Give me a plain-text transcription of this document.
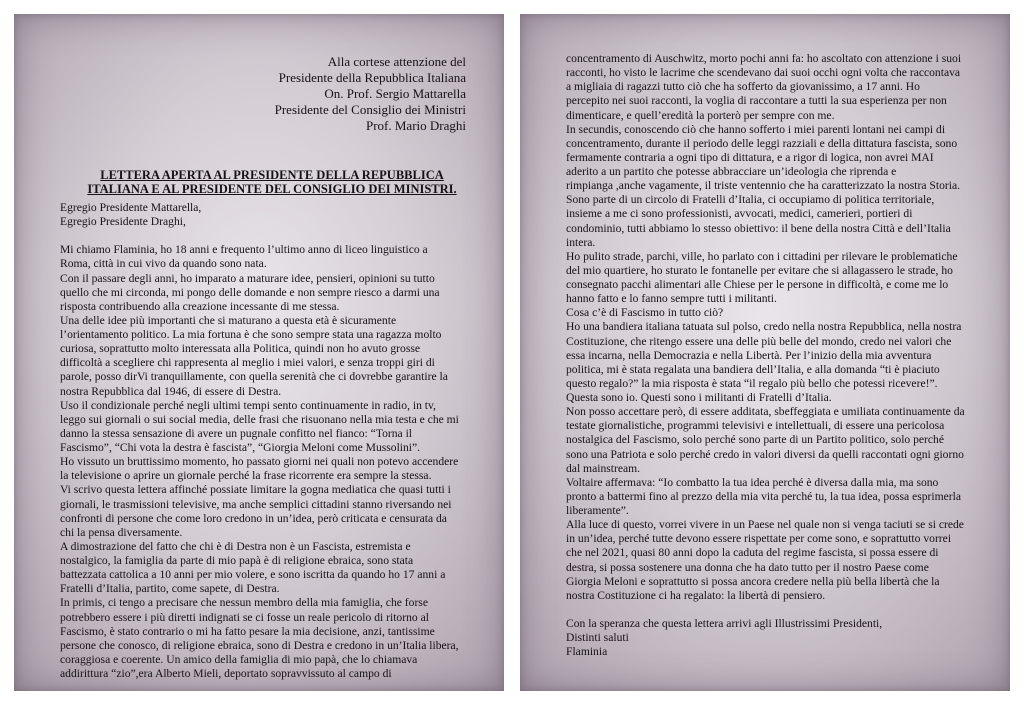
Alla cortese attenzione del
Presidente della Repubblica Italiana
On. Prof. Sergio Mattarella
Presidente del Consiglio dei Ministri
Prof. Mario Draghi
LETTERA APERTA AL PRESIDENTE DELLA REPUBBLICA
ITALIANA E AL PRESIDENTE DEL CONSIGLIO DEI MINISTRI.
Egregio Presidente Mattarella,
Egregio Presidente Draghi,
Mi chiamo Flaminia, ho 18 anni e frequento l’ultimo anno di liceo linguistico a
Roma, città in cui vivo da quando sono nata.
Con il passare degli anni, ho imparato a maturare idee, pensieri, opinioni su tutto
quello che mi circonda, mi pongo delle domande e non sempre riesco a darmi una
risposta contribuendo alla creazione incessante di me stessa.
Una delle idee più importanti che si maturano a questa età è sicuramente
l’orientamento politico. La mia fortuna è che sono sempre stata una ragazza molto
curiosa, soprattutto molto interessata alla Politica, quindi non ho avuto grosse
difficoltà a scegliere chi rappresenta al meglio i miei valori, e senza troppi giri di
parole, posso dirVi tranquillamente, con quella serenità che ci dovrebbe garantire la
nostra Repubblica dal 1946, di essere di Destra.
Uso il condizionale perché negli ultimi tempi sento continuamente in radio, in tv,
leggo sui giornali o sui social media, delle frasi che risuonano nella mia testa e che mi
danno la stessa sensazione di avere un pugnale confitto nel fianco: “Torna il
Fascismo”, “Chi vota la destra è fascista”, “Giorgia Meloni come Mussolini”.
Ho vissuto un bruttissimo momento, ho passato giorni nei quali non potevo accendere
la televisione o aprire un giornale perché la frase ricorrente era sempre la stessa.
Vi scrivo questa lettera affinché possiate limitare la gogna mediatica che quasi tutti i
giornali, le trasmissioni televisive, ma anche semplici cittadini stanno riversando nei
confronti di persone che come loro credono in un’idea, però criticata e censurata da
chi la pensa diversamente.
A dimostrazione del fatto che chi è di Destra non è un Fascista, estremista e
nostalgico, la famiglia da parte di mio papà è di religione ebraica, sono stata
battezzata cattolica a 10 anni per mio volere, e sono iscritta da quando ho 17 anni a
Fratelli d’Italia, partito, come sapete, di Destra.
In primis, ci tengo a precisare che nessun membro della mia famiglia, che forse
potrebbero essere i più diretti indignati se ci fosse un reale pericolo di ritorno al
Fascismo, è stato contrario o mi ha fatto pesare la mia decisione, anzi, tantissime
persone che conosco, di religione ebraica, sono di Destra e credono in un’Italia libera,
coraggiosa e coerente. Un amico della famiglia di mio papà, che lo chiamava
addirittura “zio”,era Alberto Mieli, deportato sopravvissuto al campo di
concentramento di Auschwitz, morto pochi anni fa: ho ascoltato con attenzione i suoi
racconti, ho visto le lacrime che scendevano dai suoi occhi ogni volta che raccontava
a migliaia di ragazzi tutto ciò che ha sofferto da giovanissimo, a 17 anni. Ho
percepito nei suoi racconti, la voglia di raccontare a tutti la sua esperienza per non
dimenticare, e quell’eredità la porterò per sempre con me.
In secundis, conoscendo ciò che hanno sofferto i miei parenti lontani nei campi di
concentramento, durante il periodo delle leggi razziali e della dittatura fascista, sono
fermamente contraria a ogni tipo di dittatura, e a rigor di logica, non avrei MAI
aderito a un partito che potesse abbracciare un’ideologia che riprenda e
rimpianga ,anche vagamente, il triste ventennio che ha caratterizzato la nostra Storia.
Sono parte di un circolo di Fratelli d’Italia, ci occupiamo di politica territoriale,
insieme a me ci sono professionisti, avvocati, medici, camerieri, portieri di
condominio, tutti abbiamo lo stesso obiettivo: il bene della nostra Città e dell’Italia
intera.
Ho pulito strade, parchi, ville, ho parlato con i cittadini per rilevare le problematiche
del mio quartiere, ho sturato le fontanelle per evitare che si allagassero le strade, ho
consegnato pacchi alimentari alle Chiese per le persone in difficoltà, e come me lo
hanno fatto e lo fanno sempre tutti i militanti.
Cosa c’è di Fascismo in tutto ciò?
Ho una bandiera italiana tatuata sul polso, credo nella nostra Repubblica, nella nostra
Costituzione, che ritengo essere una delle più belle del mondo, credo nei valori che
essa incarna, nella Democrazia e nella Libertà. Per l’inizio della mia avventura
politica, mi è stata regalata una bandiera dell’Italia, e alla domanda “ti è piaciuto
questo regalo?” la mia risposta è stata “il regalo più bello che potessi ricevere!”.
Questa sono io. Questi sono i militanti di Fratelli d’Italia.
Non posso accettare però, di essere additata, sbeffeggiata e umiliata continuamente da
testate giornalistiche, programmi televisivi e intellettuali, di essere una pericolosa
nostalgica del Fascismo, solo perché sono parte di un Partito politico, solo perché
sono una Patriota e solo perché credo in valori diversi da quelli raccontati ogni giorno
dal mainstream.
Voltaire affermava: “Io combatto la tua idea perché è diversa dalla mia, ma sono
pronto a battermi fino al prezzo della mia vita perché tu, la tua idea, possa esprimerla
liberamente”.
Alla luce di questo, vorrei vivere in un Paese nel quale non si venga taciuti se si crede
in un’idea, perché tutte devono essere rispettate per come sono, e soprattutto vorrei
che nel 2021, quasi 80 anni dopo la caduta del regime fascista, si possa essere di
destra, si possa sostenere una donna che ha dato tutto per il nostro Paese come
Giorgia Meloni e soprattutto si possa ancora credere nella più bella libertà che la
nostra Costituzione ci ha regalato: la libertà di pensiero.
Con la speranza che questa lettera arrivi agli Illustrissimi Presidenti,
Distinti saluti
Flaminia
